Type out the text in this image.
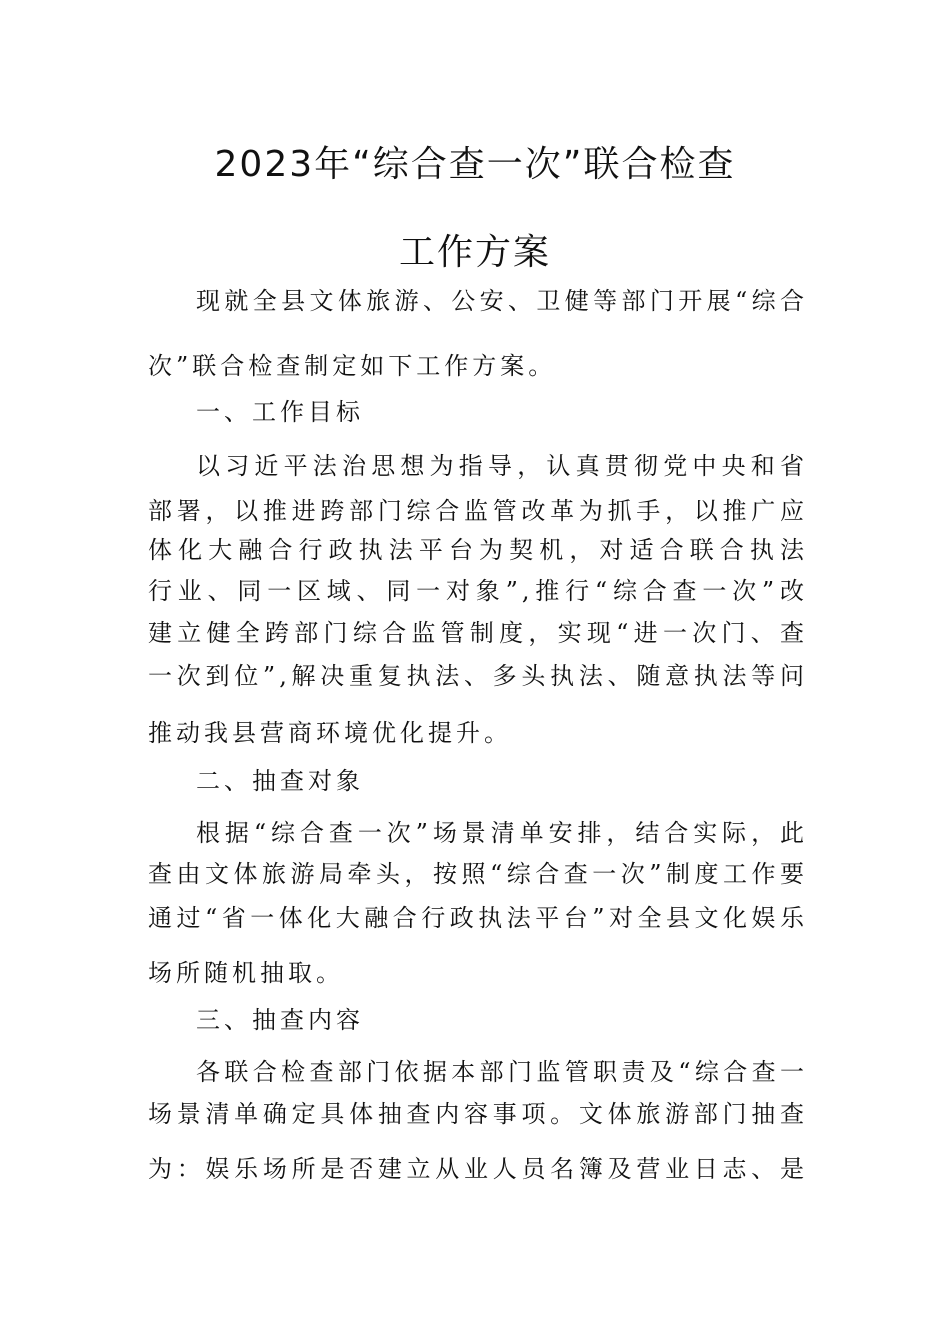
2023年“综合查一次”联合检查
工作方案
现就全县文体旅游、公安、卫健等部门开展“综合
次”联合检查制定如下工作方案。
一、工作目标
以习近平法治思想为指导，认真贯彻党中央和省
部署，以推进跨部门综合监管改革为抓手，以推广应
体化大融合行政执法平台为契机，对适合联合执法
行业、同一区域、同一对象”,推行“综合查一次”改
建立健全跨部门综合监管制度，实现“进一次门、查
一次到位”,解决重复执法、多头执法、随意执法等问
推动我县营商环境优化提升。
二、抽查对象
根据“综合查一次”场景清单安排，结合实际，此
查由文体旅游局牵头，按照“综合查一次”制度工作要
通过“省一体化大融合行政执法平台”对全县文化娱乐
场所随机抽取。
三、抽查内容
各联合检查部门依据本部门监管职责及“综合查一
场景清单确定具体抽查内容事项。文体旅游部门抽查
为：娱乐场所是否建立从业人员名簿及营业日志、是
